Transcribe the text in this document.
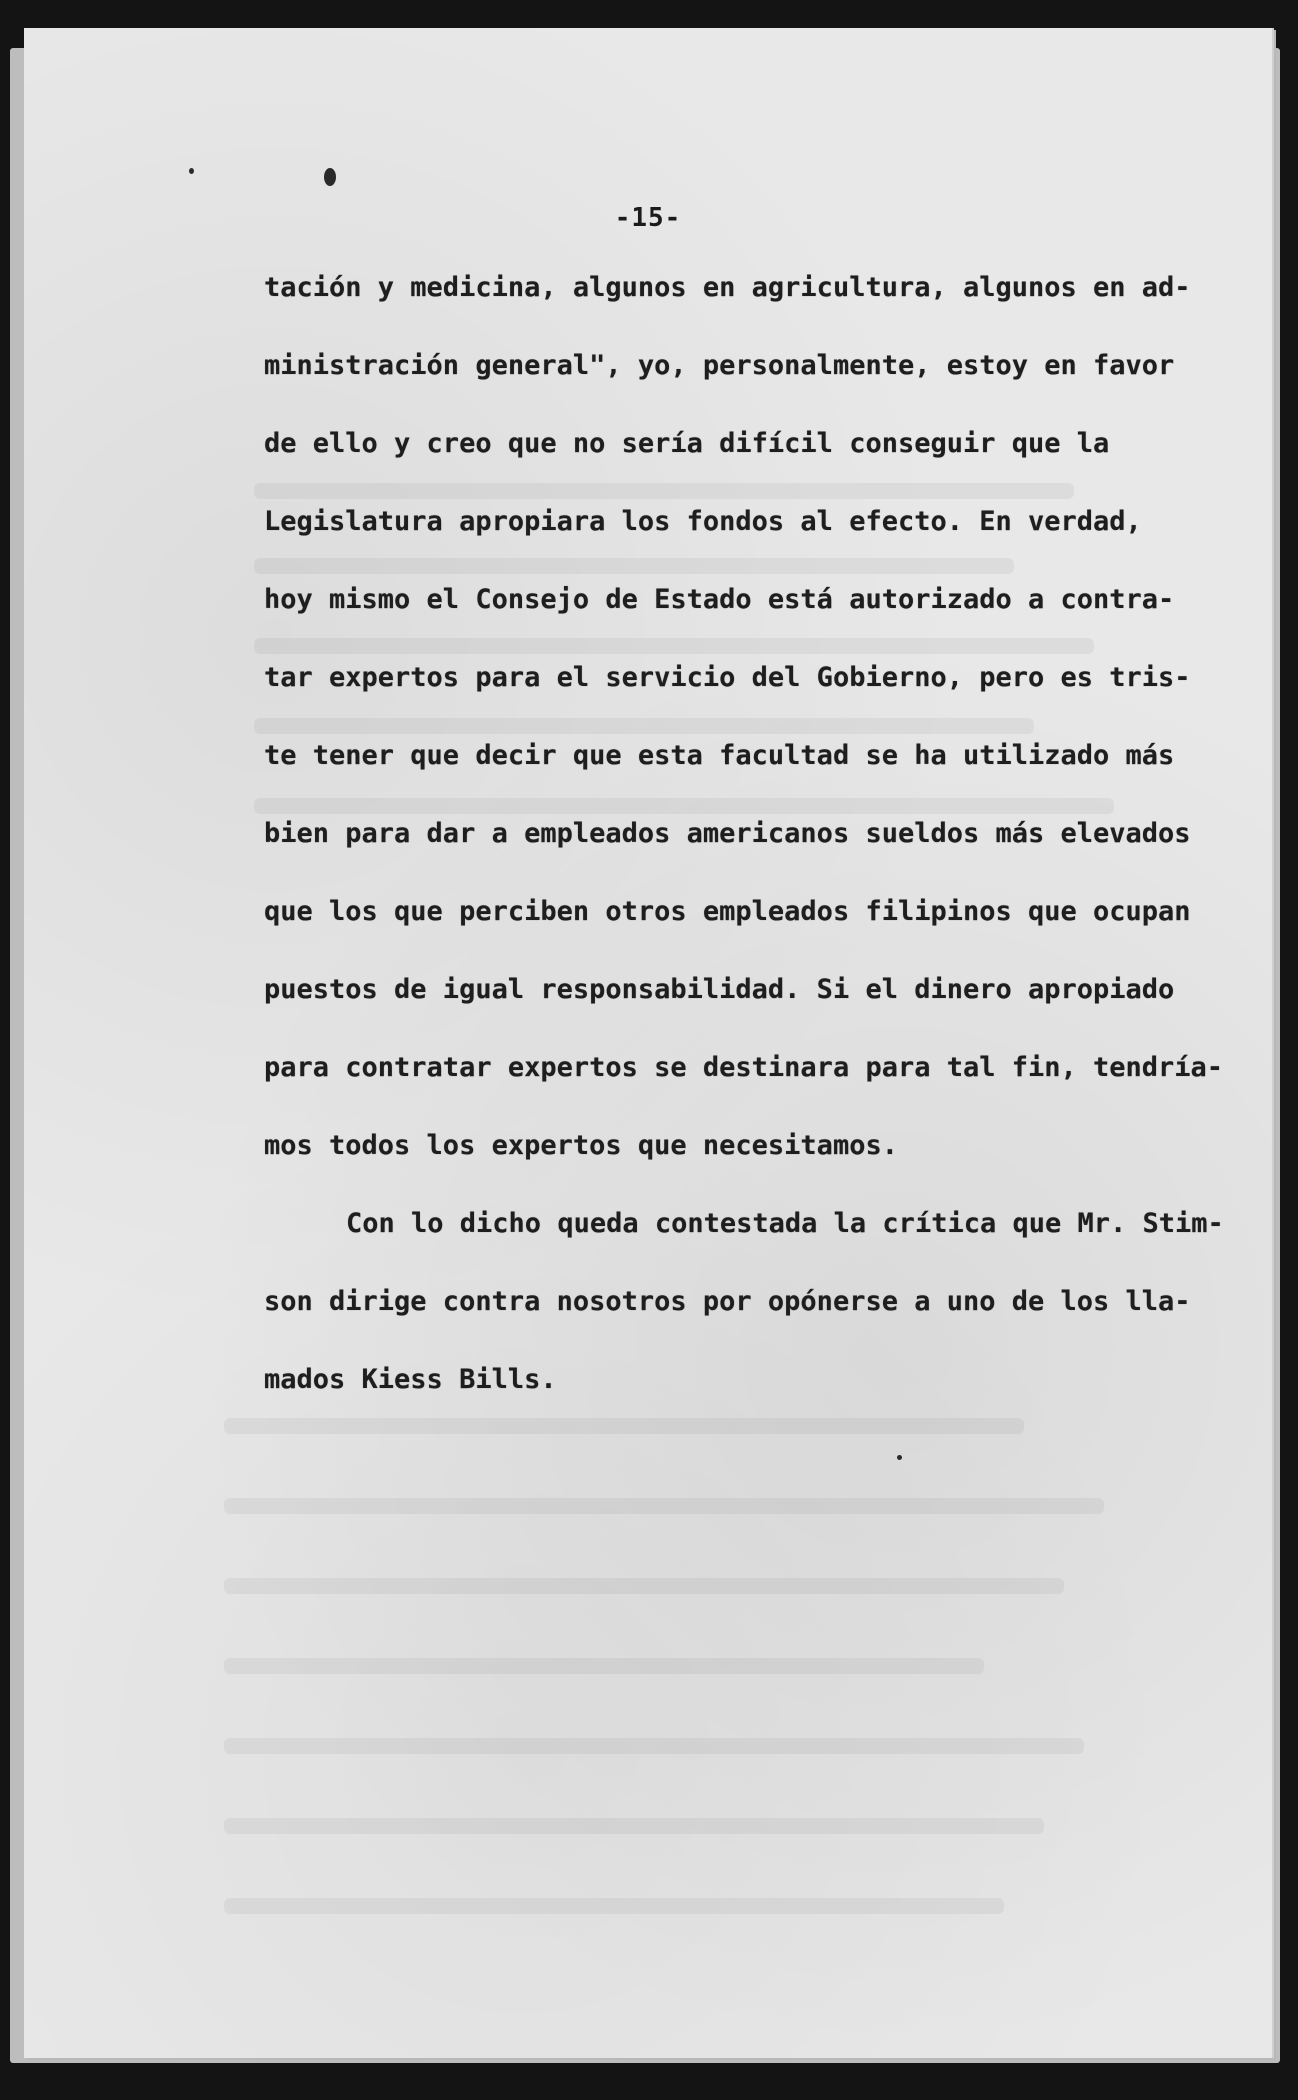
-15-
tación y medicina, algunos en agricultura, algunos en ad-
ministración general", yo, personalmente, estoy en favor
de ello y creo que no sería difícil conseguir que la
Legislatura apropiara los fondos al efecto. En verdad,
hoy mismo el Consejo de Estado está autorizado a contra-
tar expertos para el servicio del Gobierno, pero es tris-
te tener que decir que esta facultad se ha utilizado más
bien para dar a empleados americanos sueldos más elevados
que los que perciben otros empleados filipinos que ocupan
puestos de igual responsabilidad. Si el dinero apropiado
para contratar expertos se destinara para tal fin, tendría-
mos todos los expertos que necesitamos.
Con lo dicho queda contestada la crítica que Mr. Stim-
son dirige contra nosotros por opónerse a uno de los lla-
mados Kiess Bills.
